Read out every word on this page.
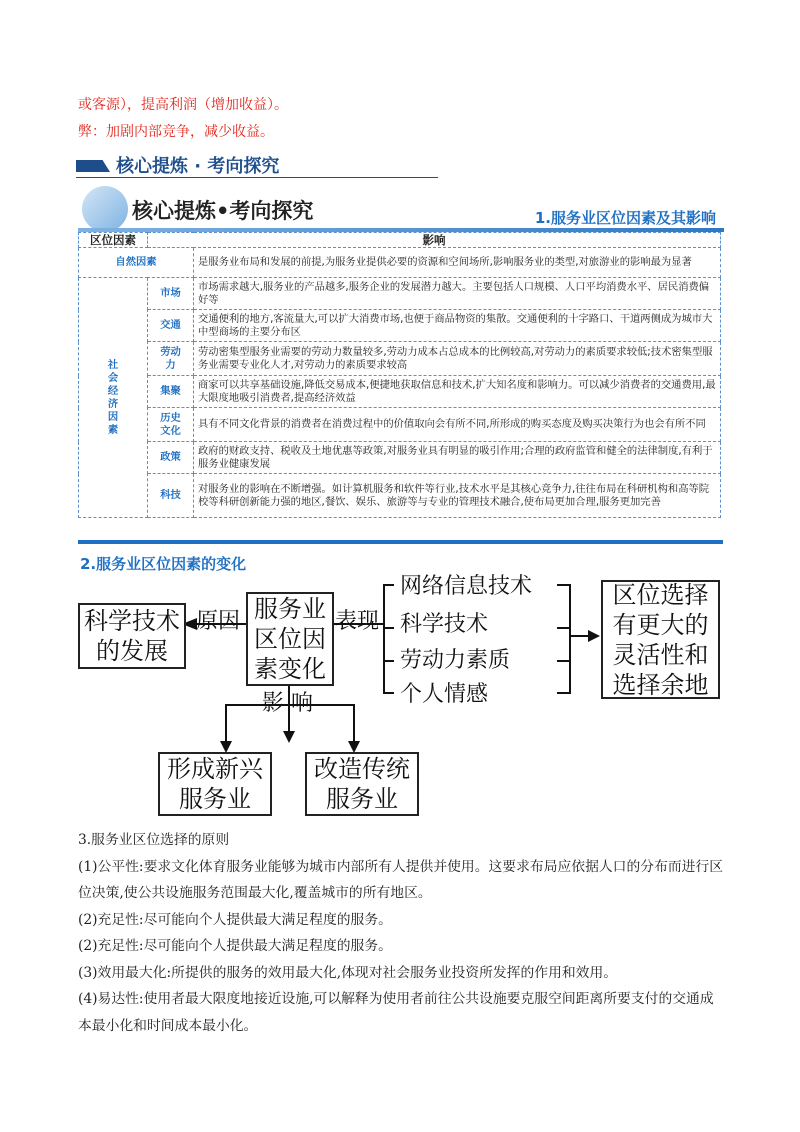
或客源），提高利润（增加收益）。
弊：加剧内部竞争，减少收益。
核心提炼 · 考向探究
核心提炼•考向探究	1.服务业区位因素及其影响
区位因素	影响	
自然因素		是服务业布局和发展的前提,为服务业提供必要的资源和空间场所,影响服务业的类型,对旅游业的影响最为显著

社会经济因素	市场	市场需求越大,服务业的产品越多,服务企业的发展潜力越大。主要包括人口规模、人口平均消费水平、居民消费偏好等
	交通	交通便利的地方,客流量大,可以扩大消费市场,也便于商品物资的集散。交通便利的十字路口、干道两侧成为城市大中型商场的主要分布区

	劳动力	劳动密集型服务业需要的劳动力数量较多,劳动力成本占总成本的比例较高,对劳动力的素质要求较低;技术密集型服务业需要专业化人才,对劳动力的素质要求较高
	集聚	商家可以共享基础设施,降低交易成本,便捷地获取信息和技术,扩大知名度和影响力。可以减少消费者的交通费用,最大限度地吸引消费者,提高经济效益

	历史文化	具有不同文化背景的消费者在消费过程中的价值取向会有所不同,所形成的购买态度及购买决策行为也会有所不同
	政策	政府的财政支持、税收及土地优惠等政策,对服务业具有明显的吸引作用;合理的政府监管和健全的法律制度,有利于服务业健康发展
	科技	对服务业的影响在不断增强。如计算机服务和软件等行业,技术水平是其核心竞争力,往往布局在科研机构和高等院校等科研创新能力强的地区,餐饮、娱乐、旅游等与专业的管理技术融合,使布局更加合理,服务更加完善
2.服务业区位因素的变化
科学技术的发展
原因 服务业区位因素变化
表现
网络信息技术
科学技术
劳动力素质
个人情感
区位选择有更大的灵活性和选择余地
影 响
形成新兴服务业
改造传统服务业

3.服务业区位选择的原则

(1)公平性:要求文化体育服务业能够为城市内部所有人提供并使用。这要求布局应依据人口的分布而进行区位决策,使公共设施服务范围最大化,覆盖城市的所有地区。

(2)充足性:尽可能向个人提供最大满足程度的服务。

(2)充足性:尽可能向个人提供最大满足程度的服务。

(3)效用最大化:所提供的服务的效用最大化,体现对社会服务业投资所发挥的作用和效用。

(4)易达性:使用者最大限度地接近设施,可以解释为使用者前往公共设施要克服空间距离所要支付的交通成本最小化和时间成本最小化。
